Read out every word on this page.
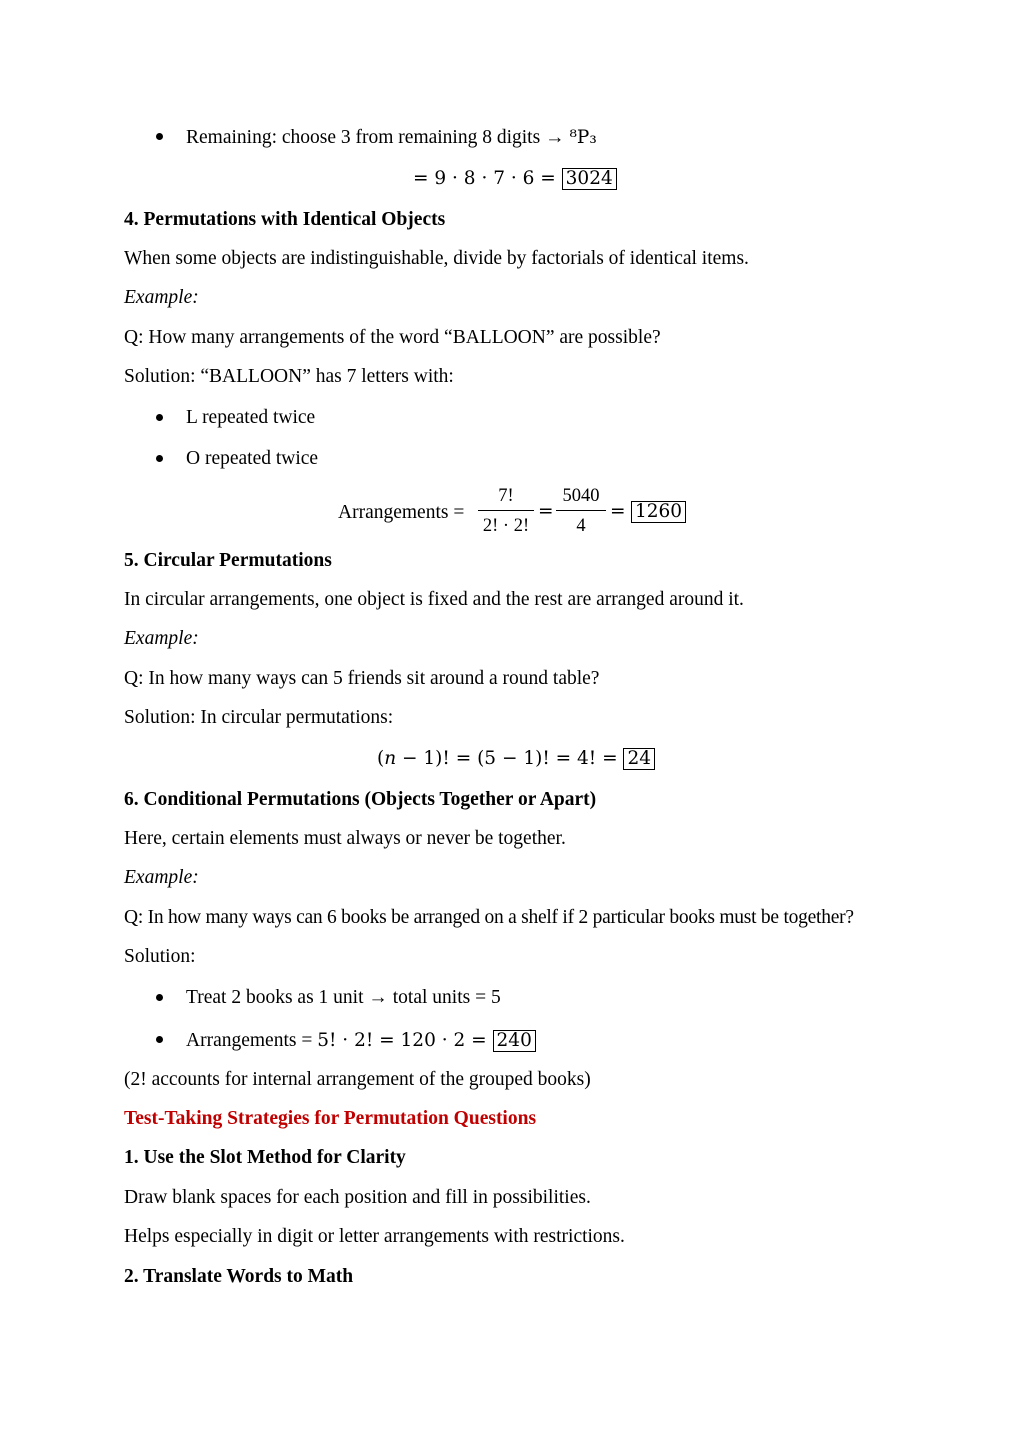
Remaining: choose 3 from remaining 8 digits → ⁸P₃
= 9 · 8 · 7 · 6 = 3024
4. Permutations with Identical Objects
When some objects are indistinguishable, divide by factorials of identical items.
Example:
Q: How many arrangements of the word “BALLOON” are possible?
Solution: “BALLOON” has 7 letters with:
L repeated twice
O repeated twice
Arrangements =
7!
2! · 2!
=
5040
4
= 1260
5. Circular Permutations
In circular arrangements, one object is fixed and the rest are arranged around it.
Example:
Q: In how many ways can 5 friends sit around a round table?
Solution: In circular permutations:
(𝑛 − 1)! = (5 − 1)! = 4! = 24
6. Conditional Permutations (Objects Together or Apart)
Here, certain elements must always or never be together.
Example:
Q: In how many ways can 6 books be arranged on a shelf if 2 particular books must be together?
Solution:
Treat 2 books as 1 unit → total units = 5
Arrangements = 5! · 2! = 120 · 2 = 240
(2! accounts for internal arrangement of the grouped books)
Test-Taking Strategies for Permutation Questions
1. Use the Slot Method for Clarity
Draw blank spaces for each position and fill in possibilities.
Helps especially in digit or letter arrangements with restrictions.
2. Translate Words to Math
